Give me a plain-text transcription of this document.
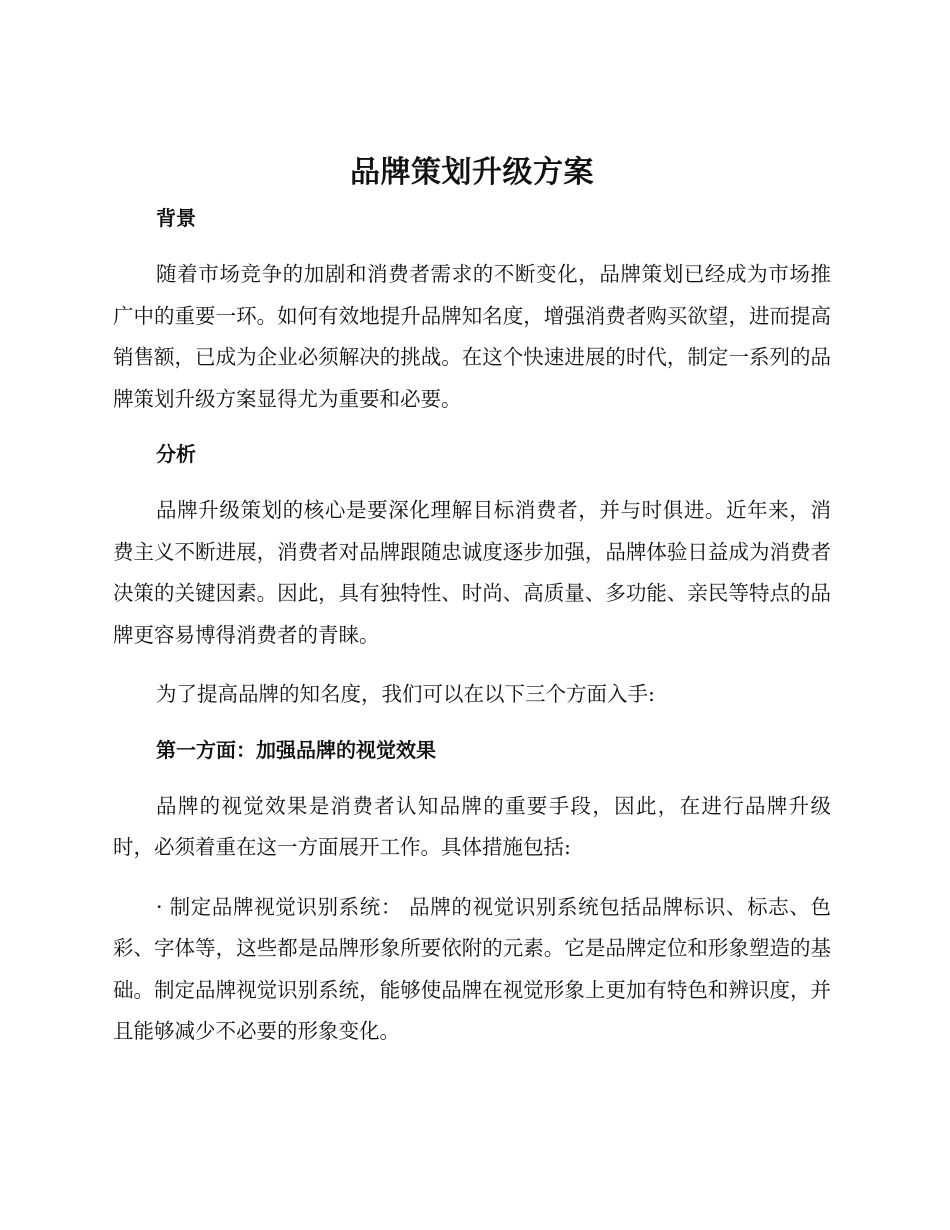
品牌策划升级方案
背景

随着市场竞争的加剧和消费者需求的不断变化，品牌策划已经成为市场推广中的重要一环。如何有效地提升品牌知名度，增强消费者购买欲望，进而提高销售额，已成为企业必须解决的挑战。在这个快速进展的时代，制定一系列的品牌策划升级方案显得尤为重要和必要。

分析

品牌升级策划的核心是要深化理解目标消费者，并与时俱进。近年来，消费主义不断进展，消费者对品牌跟随忠诚度逐步加强，品牌体验日益成为消费者决策的关键因素。因此，具有独特性、时尚、高质量、多功能、亲民等特点的品牌更容易博得消费者的青睐。

为了提高品牌的知名度，我们可以在以下三个方面入手:

第一方面：加强品牌的视觉效果

品牌的视觉效果是消费者认知品牌的重要手段，因此，在进行品牌升级时，必须着重在这一方面展开工作。具体措施包括:

· 制定品牌视觉识别系统： 品牌的视觉识别系统包括品牌标识、标志、色彩、字体等，这些都是品牌形象所要依附的元素。它是品牌定位和形象塑造的基础。制定品牌视觉识别系统，能够使品牌在视觉形象上更加有特色和辨识度，并且能够减少不必要的形象变化。
